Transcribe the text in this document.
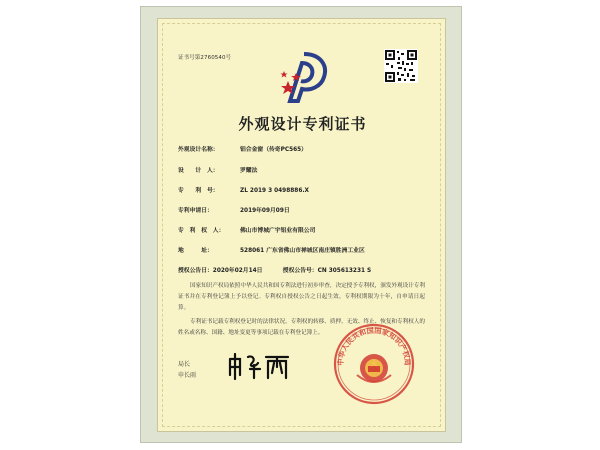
证书号第2760540号
外观设计专利证书
外观设计名称：	铝合金窗（传奇PC565）
设　　计　人：	罗耀法
专　　利　号：	ZL 2019 3 0498886.X
专利申请日：	2019年09月09日
专　利　权　人：	佛山市博城广宇铝业有限公司
地　　　址：	528061 广东省佛山市禅城区南庄镇胜洲工业区
授权公告日：2020年02月14日	授权公告号：CN 305613231 S
国家知识产权局依照中华人民共和国专利法进行初步审查，决定授予专利权，颁发外观设计专利证书并在专利登记簿上予以登记。专利权自授权公告之日起生效。专利权期限为十年，自申请日起算。
专利证书记载专利权登记时的法律状况。专利权的转移、质押、无效、终止、恢复和专利权人的姓名或名称、国籍、地址变更等事项记载在专利登记簿上。
局长
申长雨
中华人民共和国国家知识产权局
